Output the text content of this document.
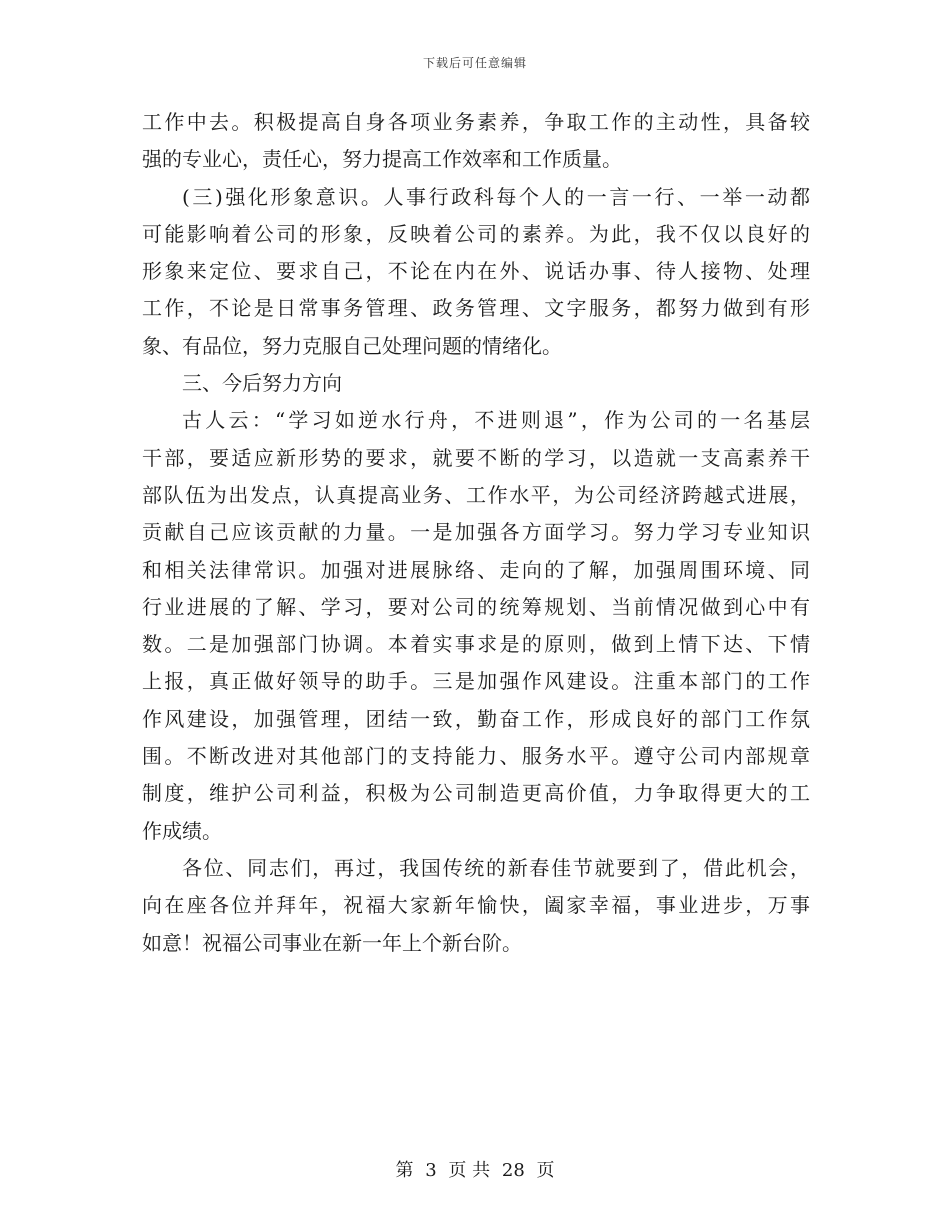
下载后可任意编辑
工作中去。积极提高自身各项业务素养，争取工作的主动性，具备较
强的专业心，责任心，努力提高工作效率和工作质量。
(三)强化形象意识。人事行政科每个人的一言一行、一举一动都
可能影响着公司的形象，反映着公司的素养。为此，我不仅以良好的
形象来定位、要求自己，不论在内在外、说话办事、待人接物、处理
工作，不论是日常事务管理、政务管理、文字服务，都努力做到有形
象、有品位，努力克服自己处理问题的情绪化。
三、今后努力方向
古人云：“学习如逆水行舟，不进则退”，作为公司的一名基层
干部，要适应新形势的要求，就要不断的学习，以造就一支高素养干
部队伍为出发点，认真提高业务、工作水平，为公司经济跨越式进展，
贡献自己应该贡献的力量。一是加强各方面学习。努力学习专业知识
和相关法律常识。加强对进展脉络、走向的了解，加强周围环境、同
行业进展的了解、学习，要对公司的统筹规划、当前情况做到心中有
数。二是加强部门协调。本着实事求是的原则，做到上情下达、下情
上报，真正做好领导的助手。三是加强作风建设。注重本部门的工作
作风建设，加强管理，团结一致，勤奋工作，形成良好的部门工作氛
围。不断改进对其他部门的支持能力、服务水平。遵守公司内部规章
制度，维护公司利益，积极为公司制造更高价值，力争取得更大的工
作成绩。
各位、同志们，再过，我国传统的新春佳节就要到了，借此机会，
向在座各位并拜年，祝福大家新年愉快，阖家幸福，事业进步，万事
如意！祝福公司事业在新一年上个新台阶。
第 3 页 共 28 页
